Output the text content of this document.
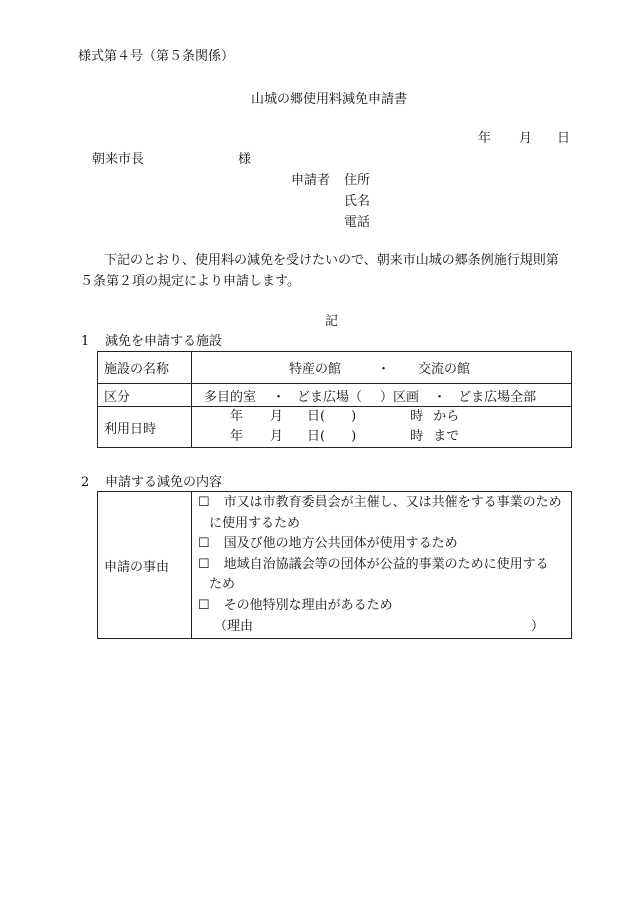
様式第４号（第５条関係）
山城の郷使用料減免申請書
年 月 日
朝来市長	様
申請者 住所
氏名
電話
下記のとおり、使用料の減免を受けたいので、朝来市山城の郷条例施行規則第
５条第２項の規定により申請します。
記
1 減免を申請する施設
施設の名称	特産の館 ・ 交流の館
区分	多目的室 ・ どま広場（ ）区画 ・ どま広場全部
利用日時	年 月 日( ) 時 から
年 月 日( ) 時 まで
2 申請する減免の内容
申請の事由	
☐ 市又は市教育委員会が主催し、又は共催をする事業のため
に使用するため
☐ 国及び他の地方公共団体が使用するため
☐ 地域自治協議会等の団体が公益的事業のために使用する
ため
☐ その他特別な理由があるため
（理由	）
